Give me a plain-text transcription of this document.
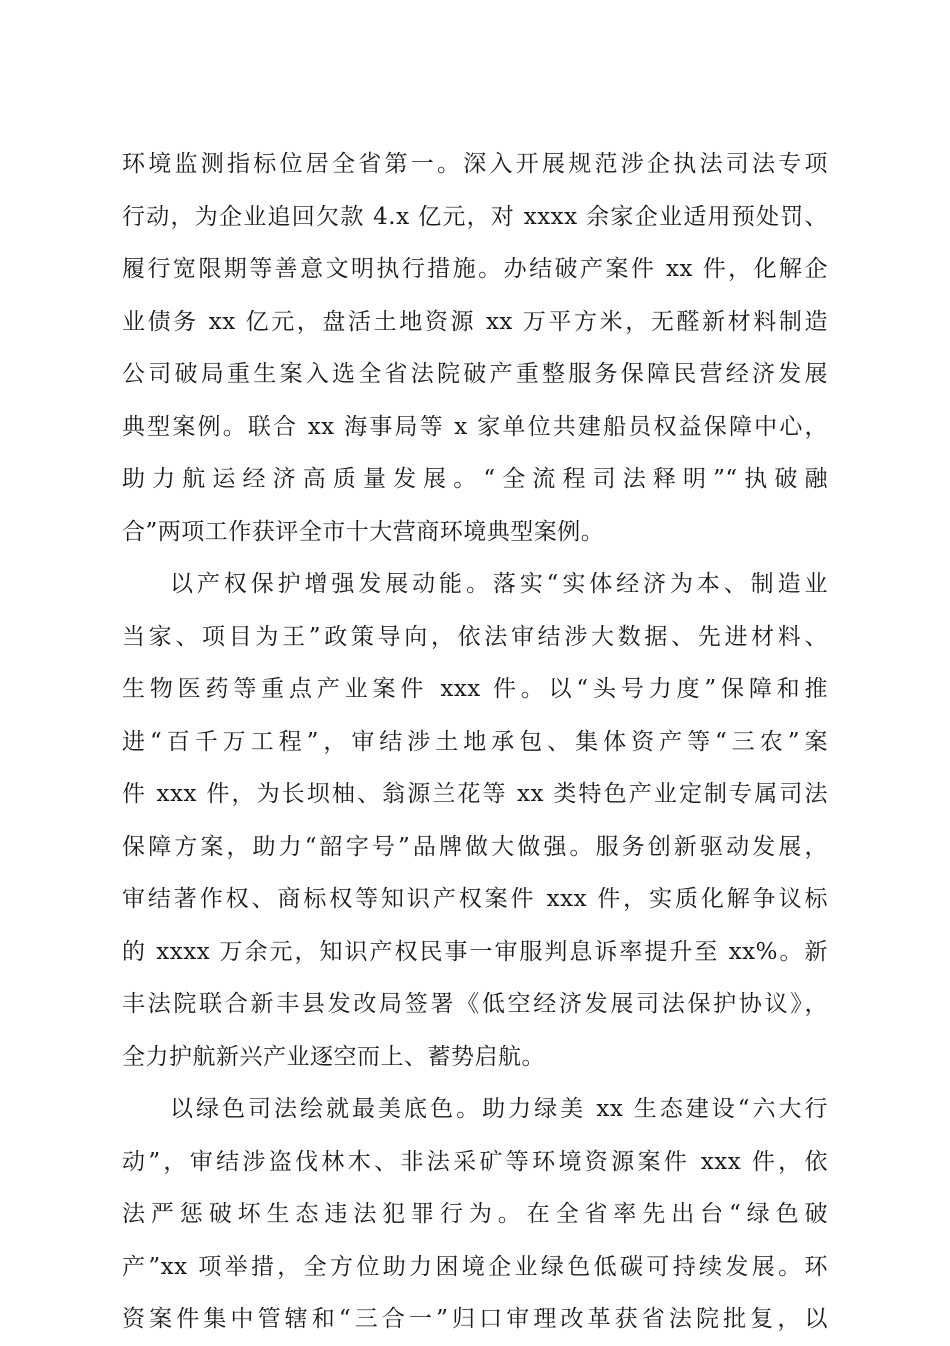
环境监测指标位居全省第一。深入开展规范涉企执法司法专项
行动，为企业追回欠款 4.x 亿元，对 xxxx 余家企业适用预处罚、
履行宽限期等善意文明执行措施。办结破产案件 xx 件，化解企
业债务 xx 亿元，盘活土地资源 xx 万平方米，无醛新材料制造
公司破局重生案入选全省法院破产重整服务保障民营经济发展
典型案例。联合 xx 海事局等 x 家单位共建船员权益保障中心，
助力航运经济高质量发展。“全流程司法释明”“执破融
合”两项工作获评全市十大营商环境典型案例。
以产权保护增强发展动能。落实“实体经济为本、制造业
当家、项目为王”政策导向，依法审结涉大数据、先进材料、
生物医药等重点产业案件 xxx 件。以“头号力度”保障和推
进“百千万工程”，审结涉土地承包、集体资产等“三农”案
件 xxx 件，为长坝柚、翁源兰花等 xx 类特色产业定制专属司法
保障方案，助力“韶字号”品牌做大做强。服务创新驱动发展，
审结著作权、商标权等知识产权案件 xxx 件，实质化解争议标
的 xxxx 万余元，知识产权民事一审服判息诉率提升至 xx%。新
丰法院联合新丰县发改局签署《低空经济发展司法保护协议》，
全力护航新兴产业逐空而上、蓄势启航。
以绿色司法绘就最美底色。助力绿美 xx 生态建设“六大行
动”，审结涉盗伐林木、非法采矿等环境资源案件 xxx 件，依
法严惩破坏生态违法犯罪行为。在全省率先出台“绿色破
产”xx 项举措，全方位助力困境企业绿色低碳可持续发展。环
资案件集中管辖和“三合一”归口审理改革获省法院批复，以
